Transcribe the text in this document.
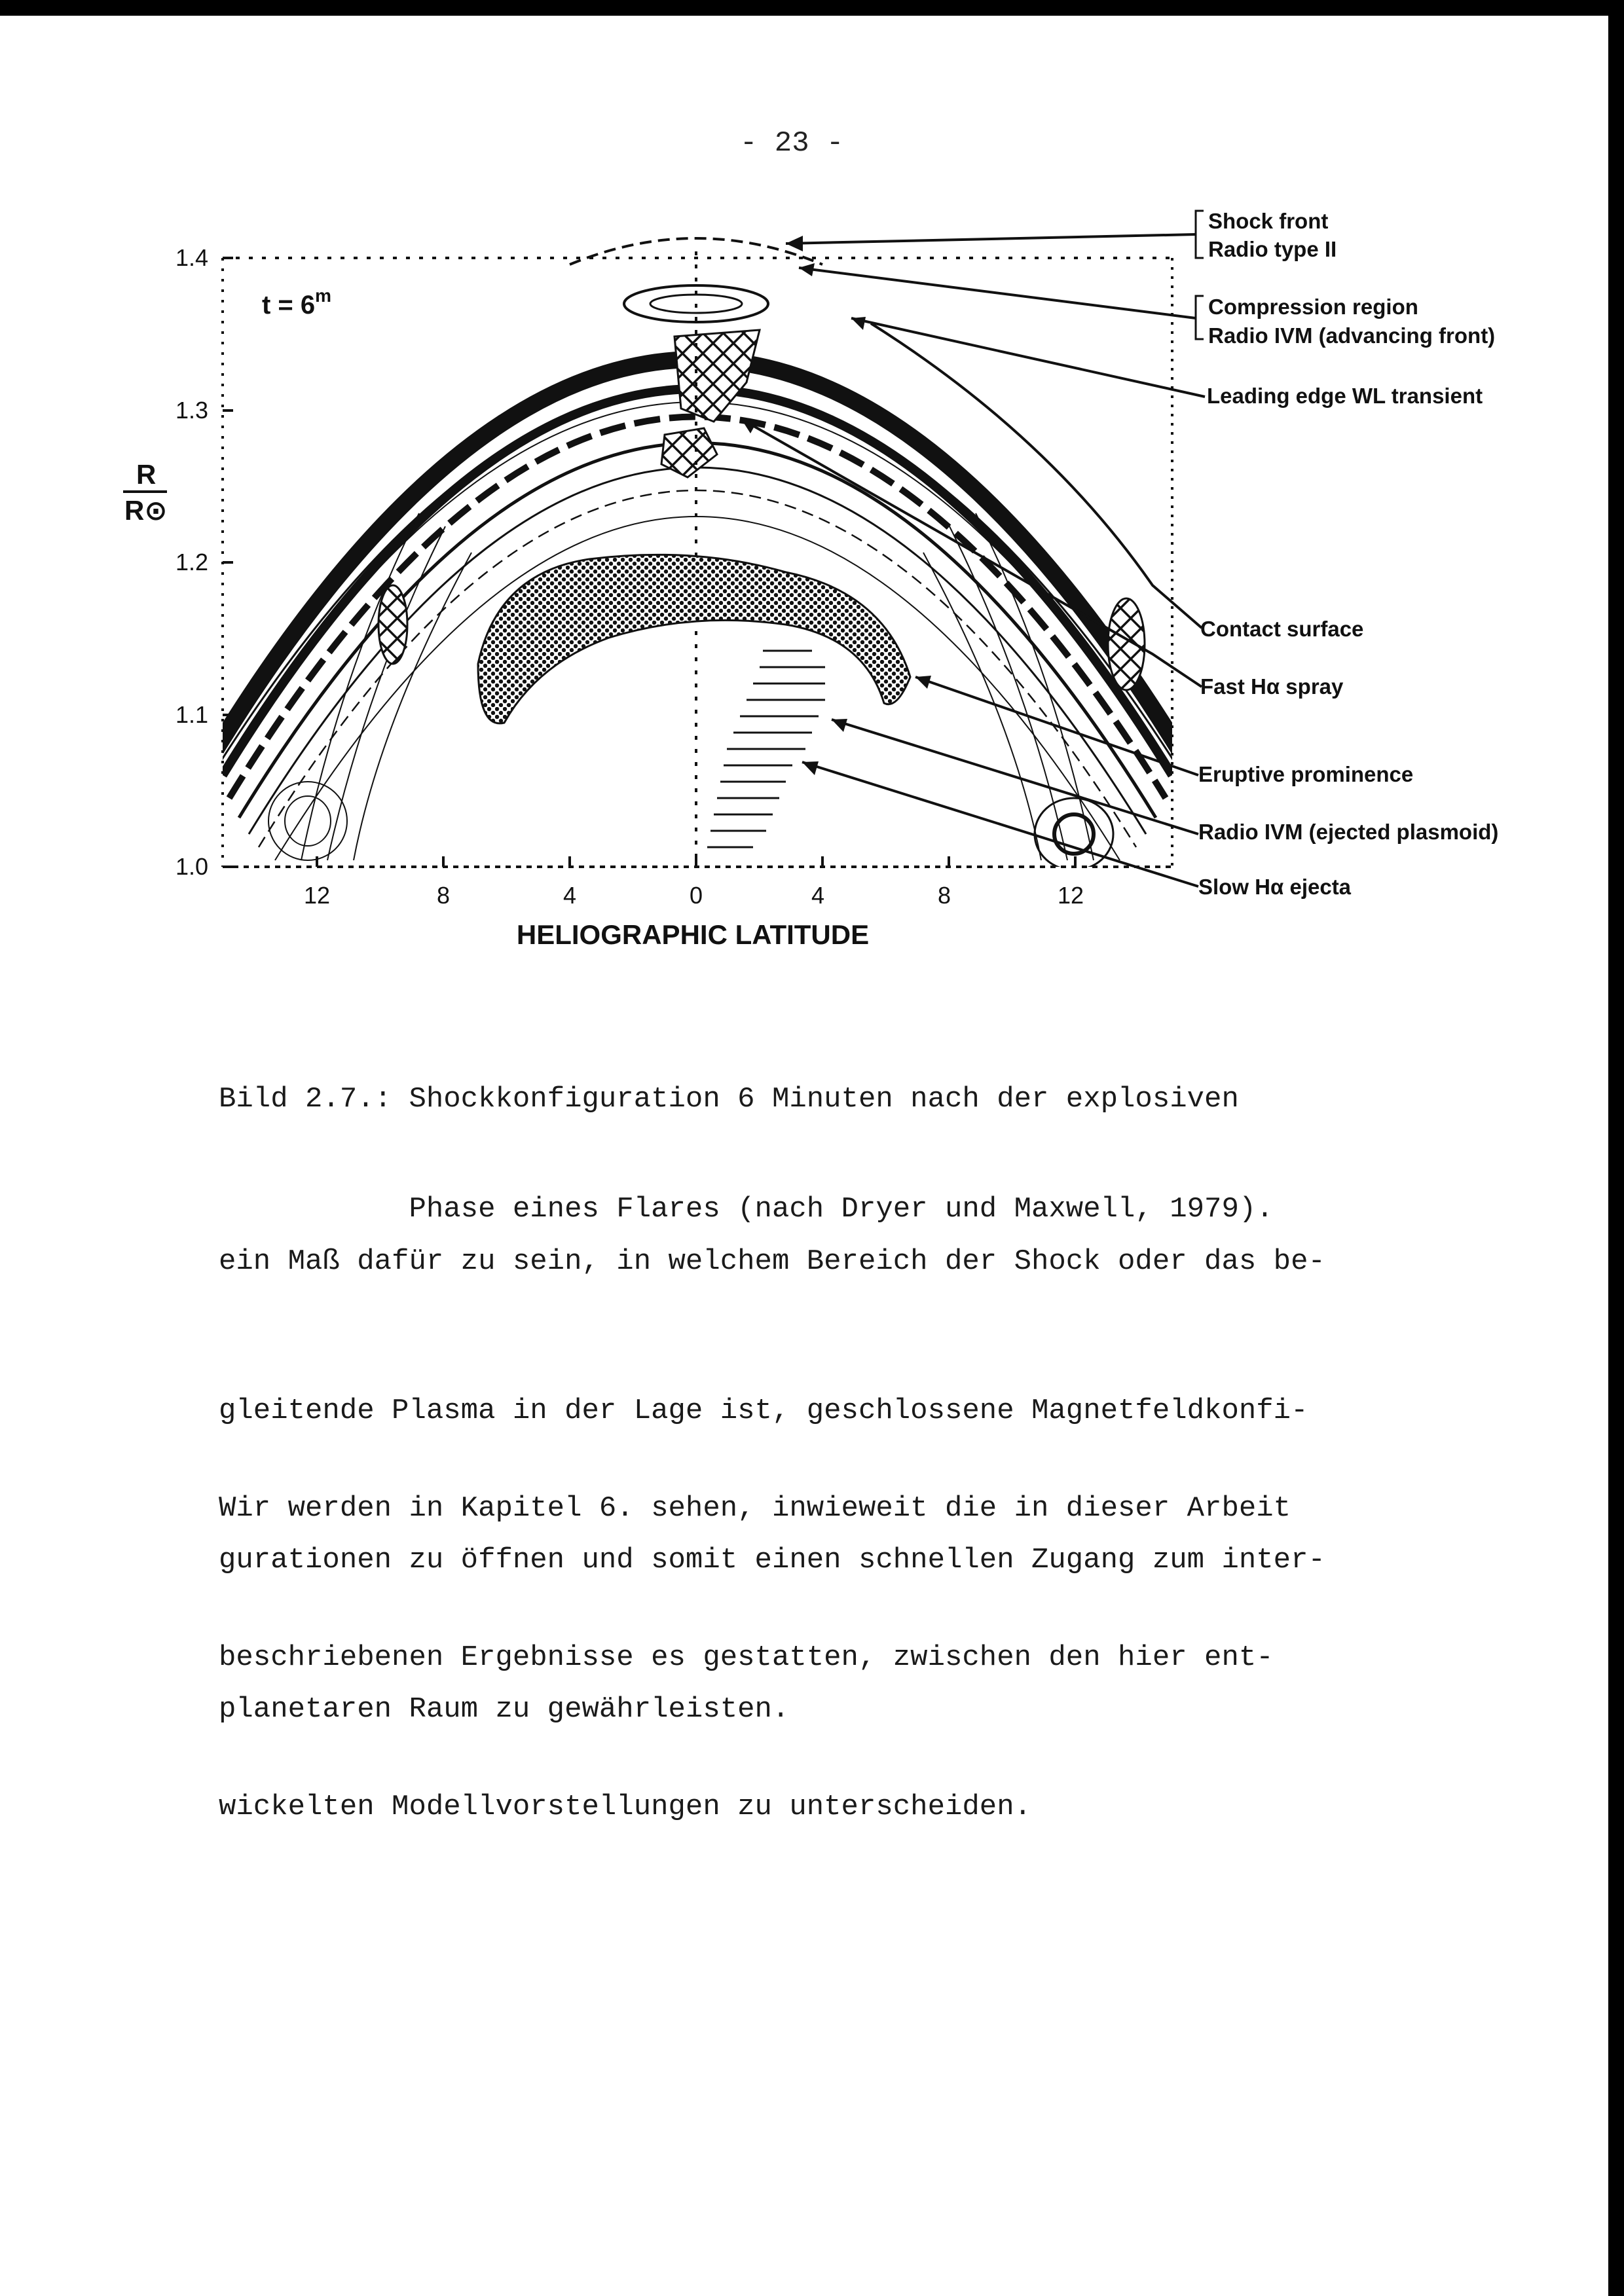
- 23 -
$t = 6^m$
R
R⊙
1.4
1.3
1.2
1.1
1.0
12	8	4	0	4	8	12
HELIOGRAPHIC LATITUDE
Shock front
Radio type II
Compression region
Radio IVM (advancing front)
Leading edge WL transient
Contact surface
Fast Hα spray
Eruptive prominence
Radio IVM (ejected plasmoid)
Slow Hα ejecta

Bild 2.7.: Shockkonfiguration 6 Minuten nach der explosiven

Phase eines Flares (nach Dryer und Maxwell, 1979).

ein Maß dafür zu sein, in welchem Bereich der Shock oder das be-

gleitende Plasma in der Lage ist, geschlossene Magnetfeldkonfi-

gurationen zu öffnen und somit einen schnellen Zugang zum inter-

planetaren Raum zu gewährleisten.

Wir werden in Kapitel 6. sehen, inwieweit die in dieser Arbeit

beschriebenen Ergebnisse es gestatten, zwischen den hier ent-

wickelten Modellvorstellungen zu unterscheiden.
